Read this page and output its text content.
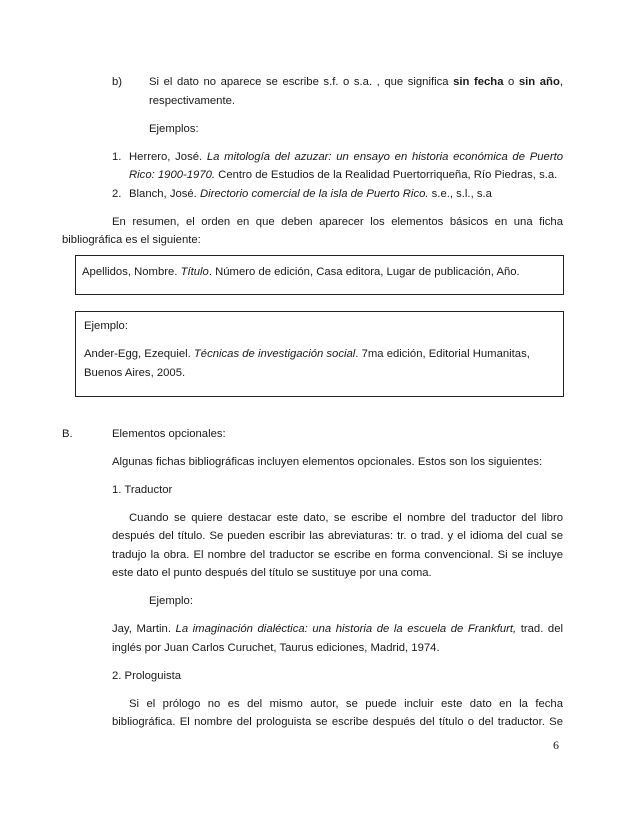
b) Si el dato no aparece se escribe s.f. o s.a. , que significa sin fecha o sin año,
respectivamente.
Ejemplos:
1. Herrero, José. La mitología del azuzar: un ensayo en historia económica de Puerto
Rico: 1900-1970. Centro de Estudios de la Realidad Puertorriqueña, Río Piedras, s.a.
2. Blanch, José. Directorio comercial de la isla de Puerto Rico. s.e., s.l., s.a
En resumen, el orden en que deben aparecer los elementos básicos en una ficha
bibliográfica es el siguiente:
Apellidos, Nombre. Título. Número de edición, Casa editora, Lugar de publicación, Año.
Ejemplo:
Ander-Egg, Ezequiel. Técnicas de investigación social. 7ma edición, Editorial Humanitas,
Buenos Aires, 2005.
B.	Elementos opcionales:
Algunas fichas bibliográficas incluyen elementos opcionales. Estos son los siguientes:
1. Traductor
Cuando se quiere destacar este dato, se escribe el nombre del traductor del libro
después del título. Se pueden escribir las abreviaturas: tr. o trad. y el idioma del cual se
tradujo la obra. El nombre del traductor se escribe en forma convencional. Si se incluye
este dato el punto después del título se sustituye por una coma.
Ejemplo:
Jay, Martin. La imaginación dialéctica: una historia de la escuela de Frankfurt, trad. del
inglés por Juan Carlos Curuchet, Taurus ediciones, Madrid, 1974.
2. Prologuista
Si el prólogo no es del mismo autor, se puede incluir este dato en la fecha
bibliográfica. El nombre del prologuista se escribe después del título o del traductor. Se
6
